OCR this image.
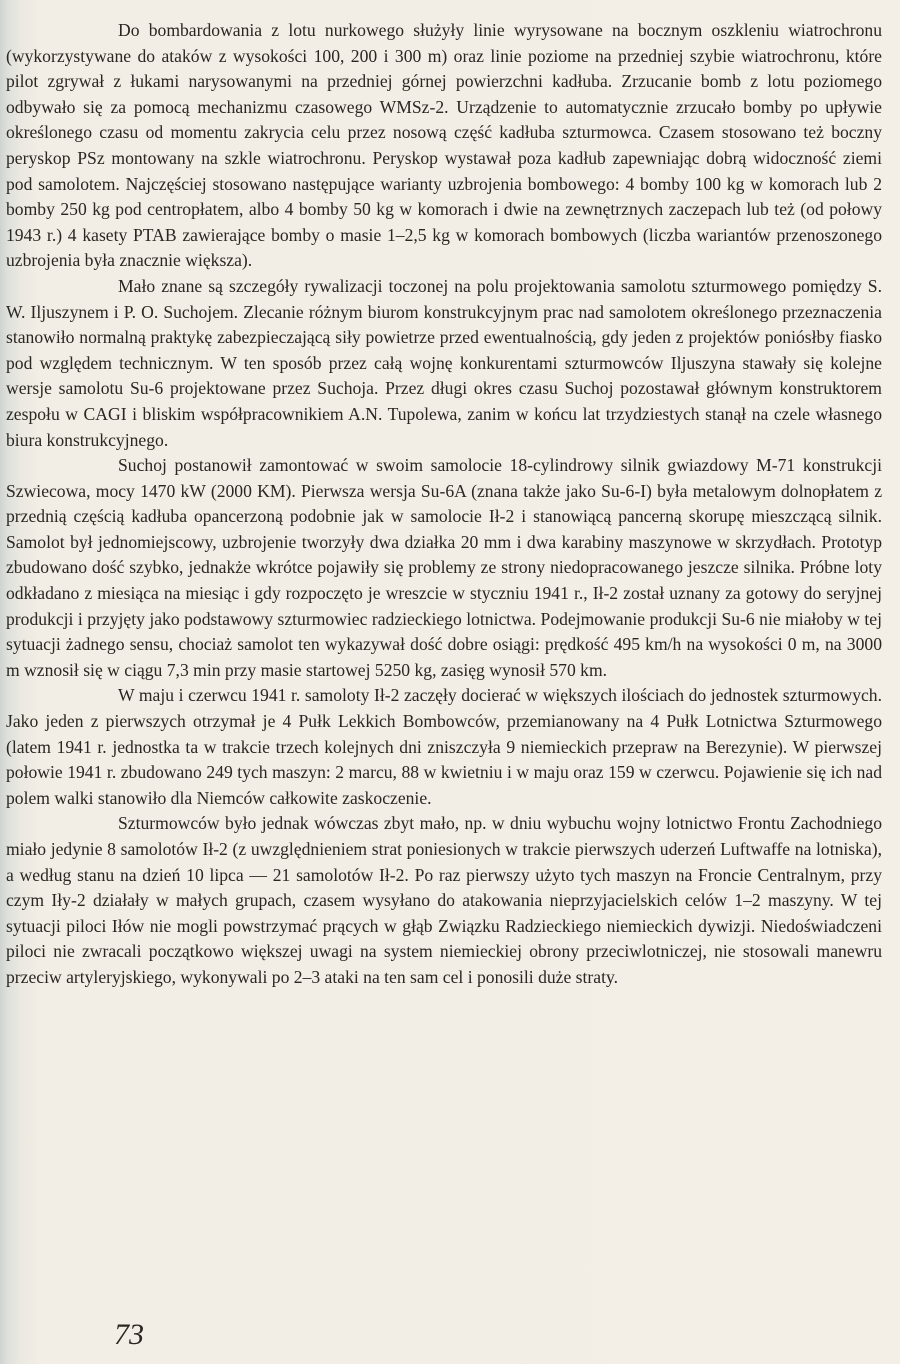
Do bombardowania z lotu nurkowego służyły linie wyrysowane na bocznym oszkleniu wiatrochronu (wykorzystywane do ataków z wysokości 100, 200 i 300 m) oraz linie poziome na przedniej szybie wiatrochronu, które pilot zgrywał z łukami narysowanymi na przedniej górnej powierzchni kadłuba. Zrzucanie bomb z lotu poziomego odbywało się za pomocą mechanizmu czasowego WMSz-2. Urządzenie to automatycznie zrzucało bomby po upływie określonego czasu od momentu zakrycia celu przez nosową część kadłuba szturmowca. Czasem stosowano też boczny peryskop PSz montowany na szkle wiatrochronu. Peryskop wystawał poza kadłub zapewniając dobrą widoczność ziemi pod samolotem. Najczęściej stosowano następujące warianty uzbrojenia bombowego: 4 bomby 100 kg w komorach lub 2 bomby 250 kg pod centropłatem, albo 4 bomby 50 kg w komorach i dwie na zewnętrznych zaczepach lub też (od połowy 1943 r.) 4 kasety PTAB zawierające bomby o masie 1–2,5 kg w komorach bombowych (liczba wariantów przenoszonego uzbrojenia była znacznie większa).

Mało znane są szczegóły rywalizacji toczonej na polu projektowania samolotu szturmowego pomiędzy S. W. Iljuszynem i P. O. Suchojem. Zlecanie różnym biurom konstrukcyjnym prac nad samolotem określonego przeznaczenia stanowiło normalną praktykę zabezpieczającą siły powietrze przed ewentualnością, gdy jeden z projektów poniósłby fiasko pod względem technicznym. W ten sposób przez całą wojnę konkurentami szturmowców Iljuszyna stawały się kolejne wersje samolotu Su-6 projektowane przez Suchoja. Przez długi okres czasu Suchoj pozostawał głównym konstruktorem zespołu w CAGI i bliskim współpracownikiem A.N. Tupolewa, zanim w końcu lat trzydziestych stanął na czele własnego biura konstrukcyjnego.

Suchoj postanowił zamontować w swoim samolocie 18-cylindrowy silnik gwiazdowy M-71 konstrukcji Szwiecowa, mocy 1470 kW (2000 KM). Pierwsza wersja Su-6A (znana także jako Su-6-I) była metalowym dolnopłatem z przednią częścią kadłuba opancerzoną podobnie jak w samolocie Ił-2 i stanowiącą pancerną skorupę mieszczącą silnik. Samolot był jednomiejscowy, uzbrojenie tworzyły dwa działka 20 mm i dwa karabiny maszynowe w skrzydłach. Prototyp zbudowano dość szybko, jednakże wkrótce pojawiły się problemy ze strony niedopracowanego jeszcze silnika. Próbne loty odkładano z miesiąca na miesiąc i gdy rozpoczęto je wreszcie w styczniu 1941 r., Ił-2 został uznany za gotowy do seryjnej produkcji i przyjęty jako podstawowy szturmowiec radzieckiego lotnictwa. Podejmowanie produkcji Su-6 nie miałoby w tej sytuacji żadnego sensu, chociaż samolot ten wykazywał dość dobre osiągi: prędkość 495 km/h na wysokości 0 m, na 3000 m wznosił się w ciągu 7,3 min przy masie startowej 5250 kg, zasięg wynosił 570 km.

W maju i czerwcu 1941 r. samoloty Ił-2 zaczęły docierać w większych ilościach do jednostek szturmowych. Jako jeden z pierwszych otrzymał je 4 Pułk Lekkich Bombowców, przemianowany na 4 Pułk Lotnictwa Szturmowego (latem 1941 r. jednostka ta w trakcie trzech kolejnych dni zniszczyła 9 niemieckich przepraw na Berezynie). W pierwszej połowie 1941 r. zbudowano 249 tych maszyn: 2 marcu, 88 w kwietniu i w maju oraz 159 w czerwcu. Pojawienie się ich nad polem walki stanowiło dla Niemców całkowite zaskoczenie.

Szturmowców było jednak wówczas zbyt mało, np. w dniu wybuchu wojny lotnictwo Frontu Zachodniego miało jedynie 8 samolotów Ił-2 (z uwzględnieniem strat poniesionych w trakcie pierwszych uderzeń Luftwaffe na lotniska), a według stanu na dzień 10 lipca — 21 samolotów Ił-2. Po raz pierwszy użyto tych maszyn na Froncie Centralnym, przy czym Iły-2 działały w małych grupach, czasem wysyłano do atakowania nieprzyjacielskich celów 1–2 maszyny. W tej sytuacji piloci Iłów nie mogli powstrzymać prących w głąb Związku Radzieckiego niemieckich dywizji. Niedoświadczeni piloci nie zwracali początkowo większej uwagi na system niemieckiej obrony przeciwlotniczej, nie stosowali manewru przeciw artyleryjskiego, wykonywali po 2–3 ataki na ten sam cel i ponosili duże straty.

73
